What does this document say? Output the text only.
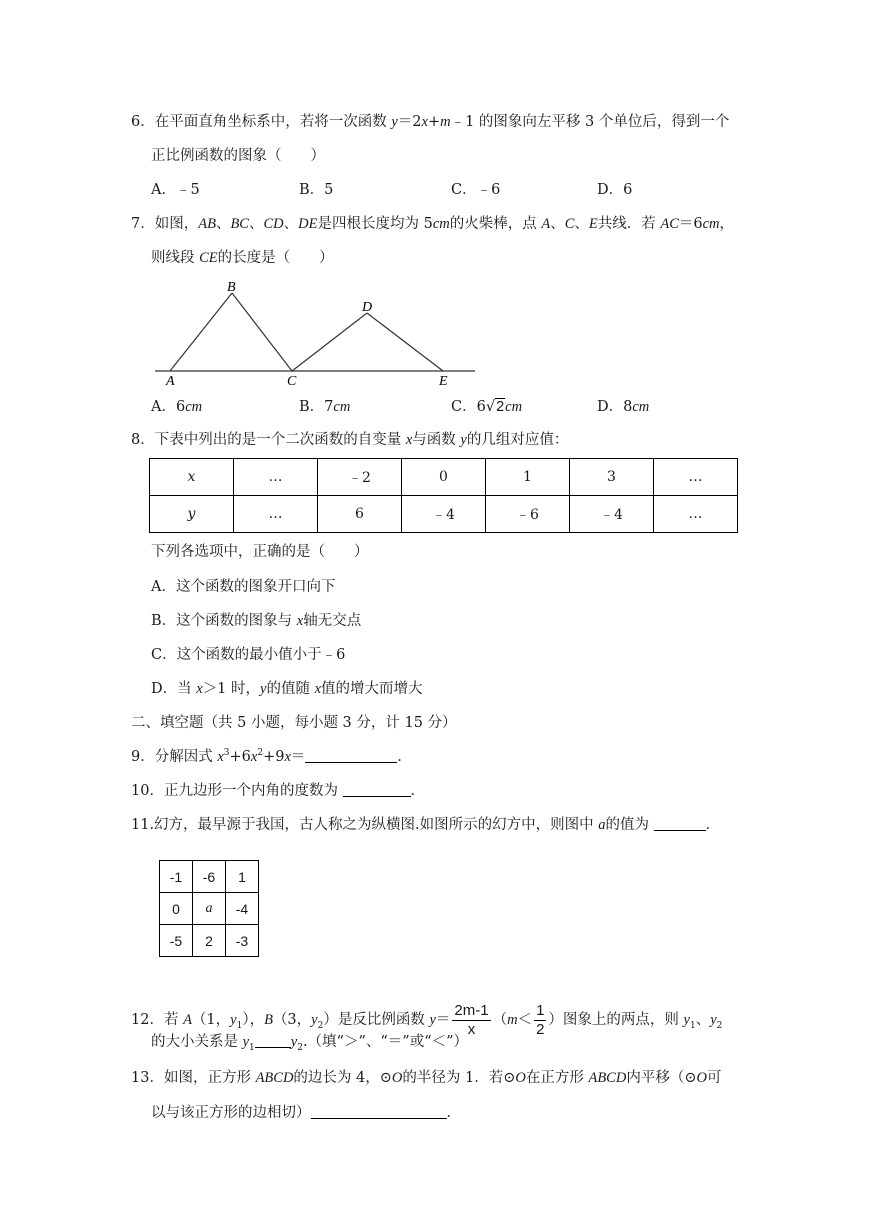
6．在平面直角坐标系中，若将一次函数 y＝2x+m﹣1 的图象向左平移 3 个单位后，得到一个
正比例函数的图象（　　）
A．﹣5	B．5	C．﹣6	D．6
7．如图，AB、BC、CD、DE是四根长度均为 5cm的火柴棒，点 A、C、E共线．若 AC＝6cm，
则线段 CE的长度是（　　）
A
B
C
D
E
A．6cm	B．7cm	C．6√2cm	D．8cm
8．下表中列出的是一个二次函数的自变量 x与函数 y的几组对应值：
x	…	﹣2	0	1	3	…
y	…	6	﹣4	﹣6	﹣4	…
下列各选项中，正确的是（　　）
A．这个函数的图象开口向下
B．这个函数的图象与 x轴无交点
C．这个函数的最小值小于﹣6
D．当 x＞1 时，y的值随 x值的增大而增大
二、填空题（共 5 小题，每小题 3 分，计 15 分）
9．分解因式 $x^3+6x^2+9x=$	．
10．正九边形一个内角的度数为	．
11.幻方，最早源于我国，古人称之为纵横图.如图所示的幻方中，则图中 a的值为	．
-1	-6	1
0	a	-4
-5	2	-3
12．若 A（1，$y_1$），B（3，$y_2$）是反比例函数 $y= \frac{2m-1}{x} (m< \frac{1}{2}$ ）图象上的两点，则 $y_1$、$y_2$
的大小关系是 $y_1$ $y_2$.（填“＞”、“＝”或“＜”）
13．如图，正方形 ABCD的边长为 4，⊙O的半径为 1．若⊙O在正方形 ABCD内平移（⊙O可
以与该正方形的边相切）	．
